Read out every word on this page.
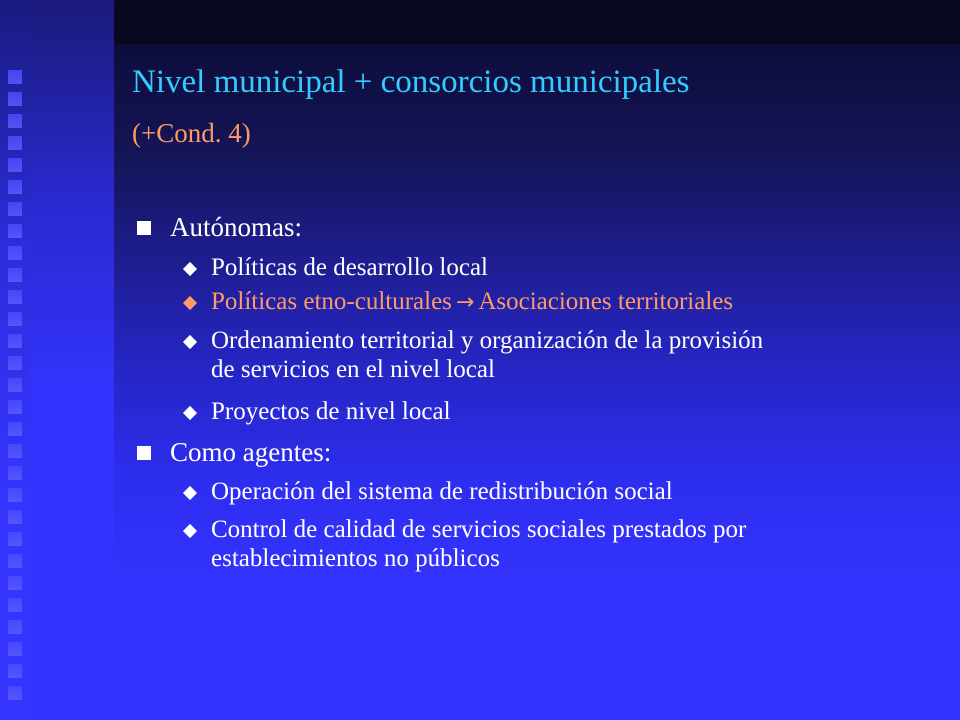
Nivel municipal + consorcios municipales
(+Cond. 4)
Autónomas:
Políticas de desarrollo local
Políticas etno-culturales → Asociaciones territoriales
Ordenamiento territorial y organización de la provisión
de servicios en el nivel local
Proyectos de nivel local
Como agentes:
Operación del sistema de redistribución social
Control de calidad de servicios sociales prestados por
establecimientos no públicos
